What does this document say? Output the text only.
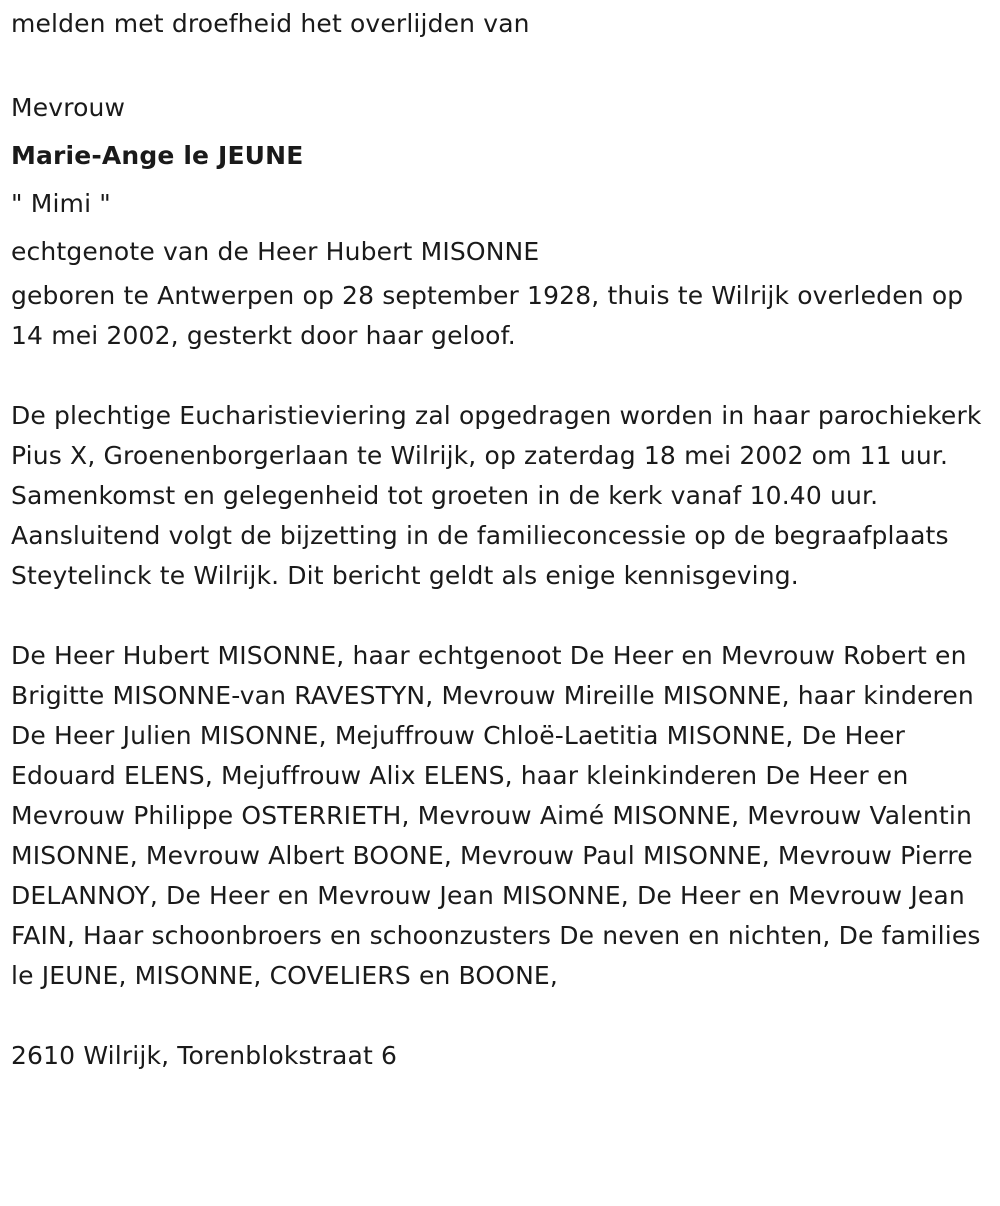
melden met droefheid het overlijden van

Mevrouw

Marie-Ange le JEUNE

" Mimi "

echtgenote van de Heer Hubert MISONNE

geboren te Antwerpen op 28 september 1928, thuis te Wilrijk overleden op 14 mei 2002, gesterkt door haar geloof.

De plechtige Eucharistieviering zal opgedragen worden in haar parochiekerk Pius X, Groenenborgerlaan te Wilrijk, op zaterdag 18 mei 2002 om 11 uur. Samenkomst en gelegenheid tot groeten in de kerk vanaf 10.40 uur. Aansluitend volgt de bijzetting in de familieconcessie op de begraafplaats Steytelinck te Wilrijk. Dit bericht geldt als enige kennisgeving.

De Heer Hubert MISONNE, haar echtgenoot De Heer en Mevrouw Robert en Brigitte MISONNE-van RAVESTYN, Mevrouw Mireille MISONNE, haar kinderen De Heer Julien MISONNE, Mejuffrouw Chloë-Laetitia MISONNE, De Heer Edouard ELENS, Mejuffrouw Alix ELENS, haar kleinkinderen De Heer en Mevrouw Philippe OSTERRIETH, Mevrouw Aimé MISONNE, Mevrouw Valentin MISONNE, Mevrouw Albert BOONE, Mevrouw Paul MISONNE, Mevrouw Pierre DELANNOY, De Heer en Mevrouw Jean MISONNE, De Heer en Mevrouw Jean FAIN, Haar schoonbroers en schoonzusters De neven en nichten, De families le JEUNE, MISONNE, COVELIERS en BOONE,

2610 Wilrijk, Torenblokstraat 6
